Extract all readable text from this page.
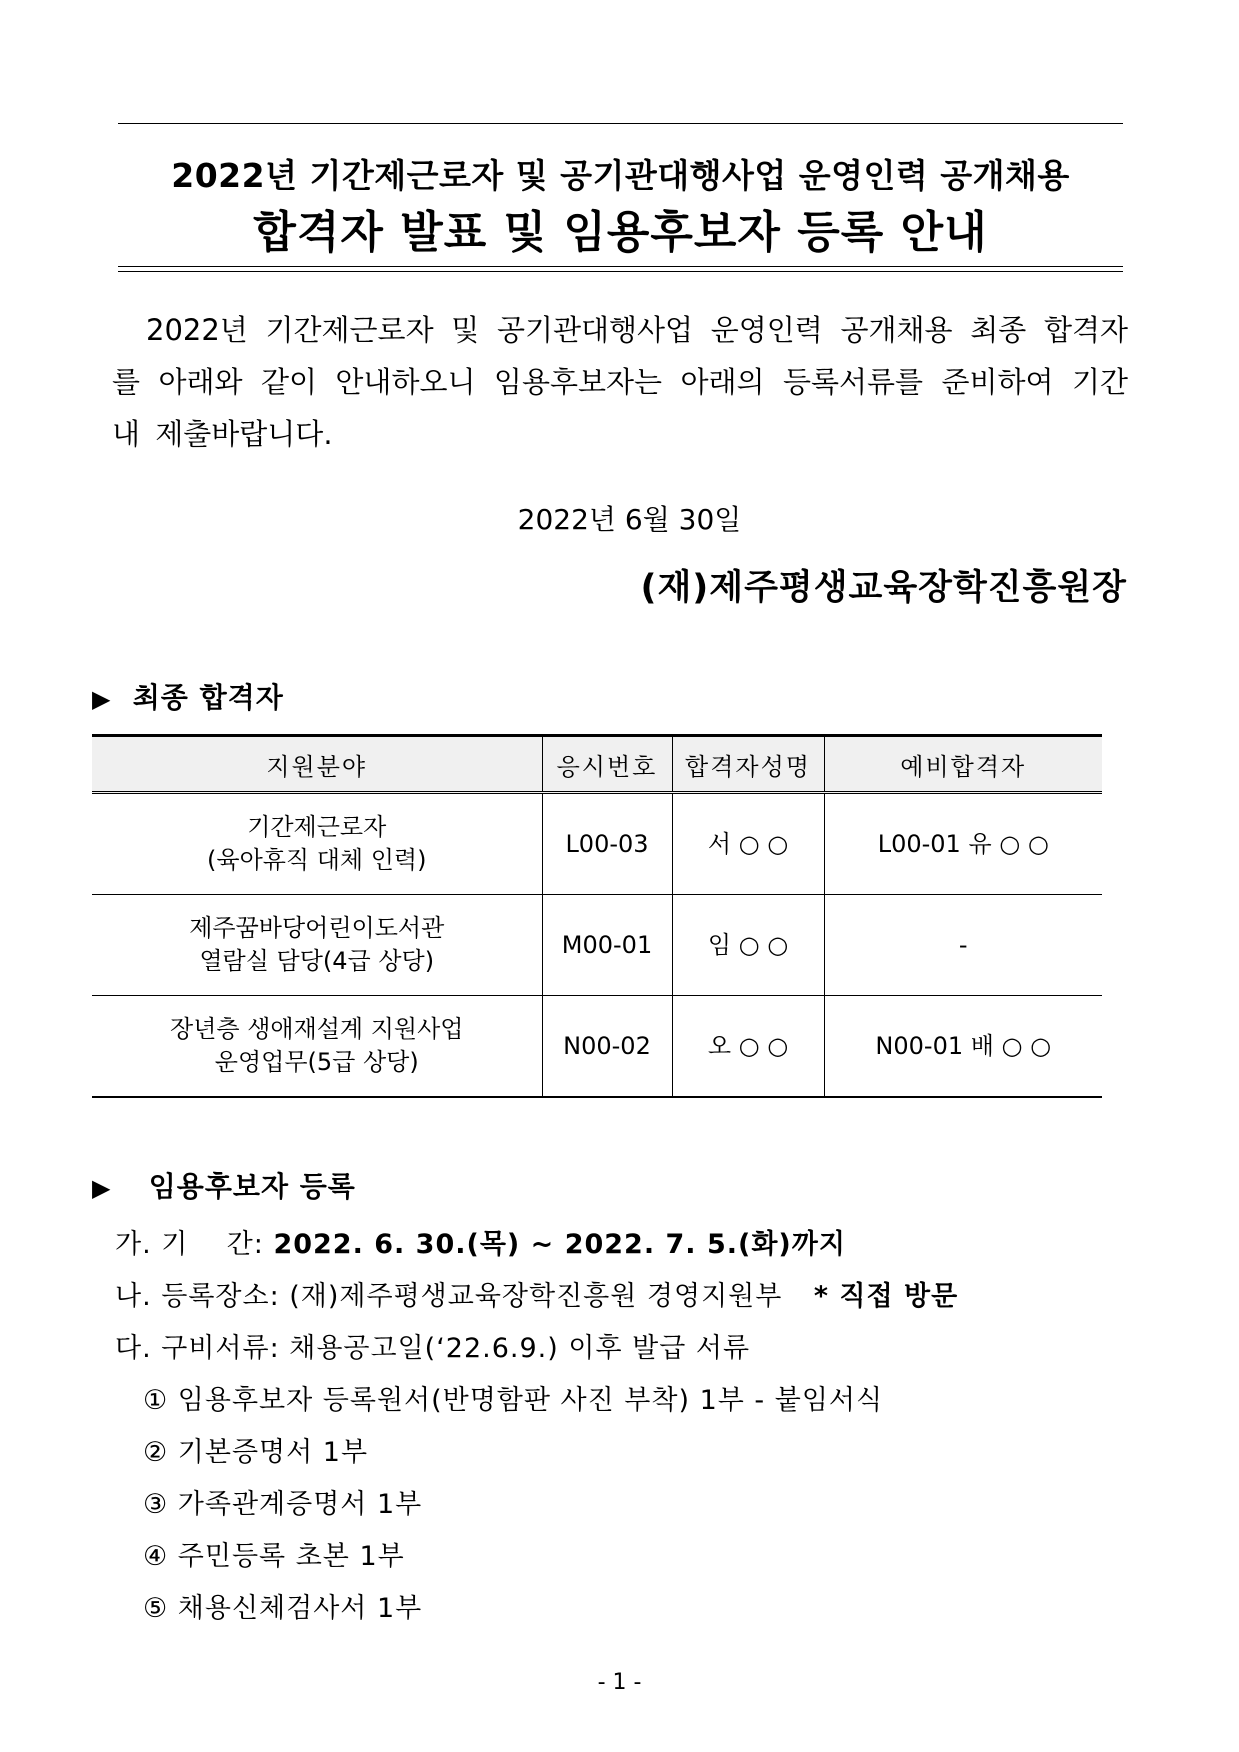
2022년 기간제근로자 및 공기관대행사업 운영인력 공개채용
합격자 발표 및 임용후보자 등록 안내
2022년 기간제근로자 및 공기관대행사업 운영인력 공개채용 최종 합격자를 아래와 같이 안내하오니 임용후보자는 아래의 등록서류를 준비하여 기간 내 제출바랍니다.
2022년 6월 30일
(재)제주평생교육장학진흥원장
▶ 최종 합격자
지원분야	응시번호	합격자성명	예비합격자

기간제근로자
(육아휴직 대체 인력)	L00-03	서 ○ ○	L00-01 유 ○ ○

제주꿈바당어린이도서관
열람실 담당(4급 상당)	M00-01	임 ○ ○	-

장년층 생애재설계 지원사업
운영업무(5급 상당)	N00-02	오 ○ ○	N00-01 배 ○ ○
▶ 임용후보자 등록
가. 기    간: 2022. 6. 30.(목) ~ 2022. 7. 5.(화)까지
나. 등록장소: (재)제주평생교육장학진흥원 경영지원부 * 직접 방문
다. 구비서류: 채용공고일(‘22.6.9.) 이후 발급 서류
① 임용후보자 등록원서(반명함판 사진 부착) 1부 - 붙임서식
② 기본증명서 1부
③ 가족관계증명서 1부
④ 주민등록 초본 1부
⑤ 채용신체검사서 1부
- 1 -
